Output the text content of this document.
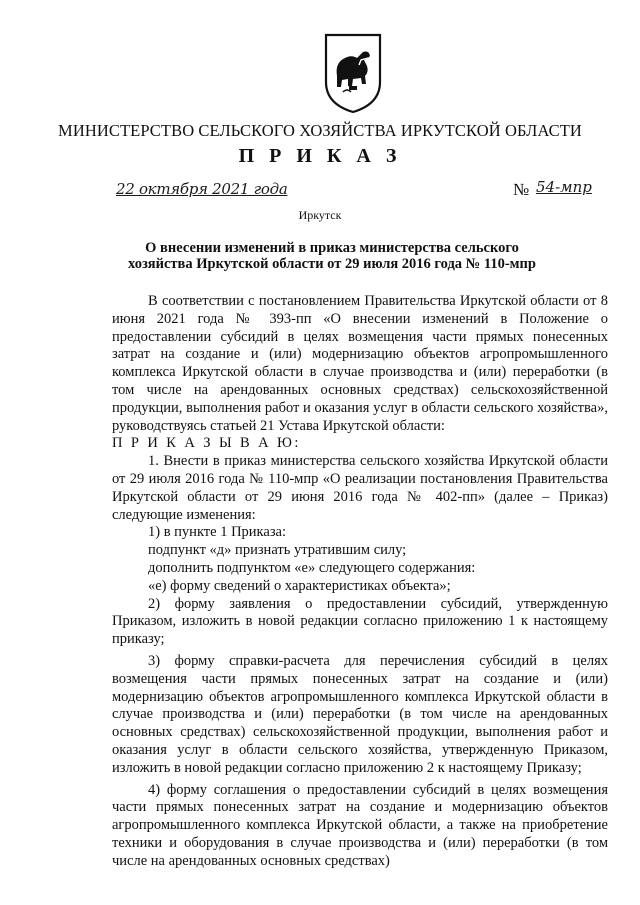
МИНИСТЕРСТВО СЕЛЬСКОГО ХОЗЯЙСТВА ИРКУТСКОЙ ОБЛАСТИ
П Р И К А З
22 октября 2021 года	№ 54-мпр
Иркутск
О внесении изменений в приказ министерства сельского хозяйства Иркутской области от 29 июля 2016 года № 110-мпр

В соответствии с постановлением Правительства Иркутской области от 8 июня 2021 года № 393-пп «О внесении изменений в Положение о предоставлении субсидий в целях возмещения части прямых понесенных затрат на создание и (или) модернизацию объектов агропромышленного комплекса Иркутской области в случае производства и (или) переработки (в том числе на арендованных основных средствах) сельскохозяйственной продукции, выполнения работ и оказания услуг в области сельского хозяйства», руководствуясь статьей 21 Устава Иркутской области:

П Р И К А З Ы В А Ю:

1. Внести в приказ министерства сельского хозяйства Иркутской области от 29 июля 2016 года № 110-мпр «О реализации постановления Правительства Иркутской области от 29 июня 2016 года № 402-пп» (далее – Приказ) следующие изменения:

1) в пункте 1 Приказа:

подпункт «д» признать утратившим силу;

дополнить подпунктом «е» следующего содержания:

«е) форму сведений о характеристиках объекта»;

2) форму заявления о предоставлении субсидий, утвержденную Приказом, изложить в новой редакции согласно приложению 1 к настоящему приказу;

3) форму справки-расчета для перечисления субсидий в целях возмещения части прямых понесенных затрат на создание и (или) модернизацию объектов агропромышленного комплекса Иркутской области в случае производства и (или) переработки (в том числе на арендованных основных средствах) сельскохозяйственной продукции, выполнения работ и оказания услуг в области сельского хозяйства, утвержденную Приказом, изложить в новой редакции согласно приложению 2 к настоящему Приказу;

4) форму соглашения о предоставлении субсидий в целях возмещения части прямых понесенных затрат на создание и модернизацию объектов агропромышленного комплекса Иркутской области, а также на приобретение техники и оборудования в случае производства и (или) переработки (в том числе на арендованных основных средствах)
